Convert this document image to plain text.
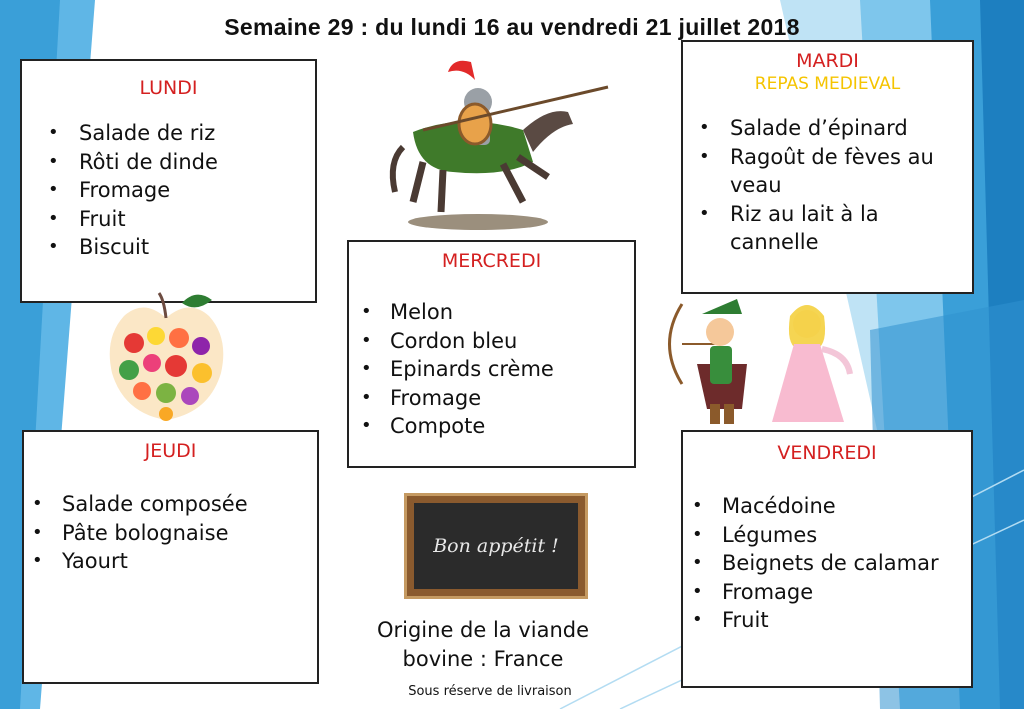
Semaine 29 : du lundi 16 au vendredi 21 juillet 2018
LUNDI
• Salade de riz
• Rôti de dinde
• Fromage
• Fruit
• Biscuit
MARDI
REPAS MEDIEVAL
• Salade d’épinard
• Ragoût de fèves au veau
• Riz au lait à la cannelle
MERCREDI
• Melon
• Cordon bleu
• Epinards crème
• Fromage
• Compote
JEUDI
• Salade composée
• Pâte bolognaise
• Yaourt
VENDREDI
• Macédoine
• Légumes
• Beignets de calamar
• Fromage
• Fruit
Bon appétit !
Origine de la viande bovine : France
Sous réserve de livraison
